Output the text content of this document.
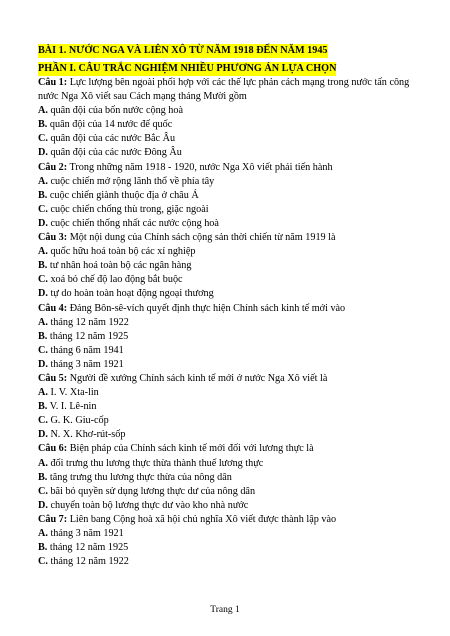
BÀI 1. NƯỚC NGA VÀ LIÊN XÔ TỪ NĂM 1918 ĐẾN NĂM 1945
PHẦN I. CÂU TRẮC NGHIỆM NHIỀU PHƯƠNG ÁN LỰA CHỌN
Câu 1: Lực lượng bên ngoài phối hợp với các thế lực phản cách mạng trong nước tấn công
nước Nga Xô viết sau Cách mạng tháng Mười gồm
A. quân đội của bốn nước cộng hoà
B. quân đội của 14 nước đế quốc
C. quân đội của các nước Bắc Âu
D. quân đội của các nước Đông Âu
Câu 2: Trong những năm 1918 - 1920, nước Nga Xô viết phải tiến hành
A. cuộc chiến mở rộng lãnh thổ về phía tây
B. cuộc chiến giành thuộc địa ở châu Á
C. cuộc chiến chống thù trong, giặc ngoài
D. cuộc chiến thống nhất các nước cộng hoà
Câu 3: Một nội dung của Chính sách cộng sản thời chiến từ năm 1919 là
A. quốc hữu hoá toàn bộ các xí nghiệp
B. tư nhân hoá toàn bộ các ngân hàng
C. xoá bỏ chế độ lao động bắt buộc
D. tự do hoàn toàn hoạt động ngoại thương
Câu 4: Đảng Bôn-sê-vích quyết định thực hiện Chính sách kinh tế mới vào
A. tháng 12 năm 1922
B. tháng 12 năm 1925
C. tháng 6 năm 1941
D. tháng 3 năm 1921
Câu 5: Người đề xướng Chính sách kinh tế mới ở nước Nga Xô viết là
A. I. V. Xta-lin
B. V. I. Lê-nin
C. G. K. Giu-cốp
D. N. X. Khơ-rút-sốp
Câu 6: Biện pháp của Chính sách kinh tế mới đối với lương thực là
A. đối trưng thu lương thực thừa thành thuế lương thực
B. tăng trưng thu lương thực thừa của nông dân
C. bãi bỏ quyền sử dụng lương thực dư của nông dân
D. chuyển toàn bộ lương thực dư vào kho nhà nước
Câu 7: Liên bang Cộng hoà xã hội chủ nghĩa Xô viết được thành lập vào
A. tháng 3 năm 1921
B. tháng 12 năm 1925
C. tháng 12 năm 1922
Trang 1
